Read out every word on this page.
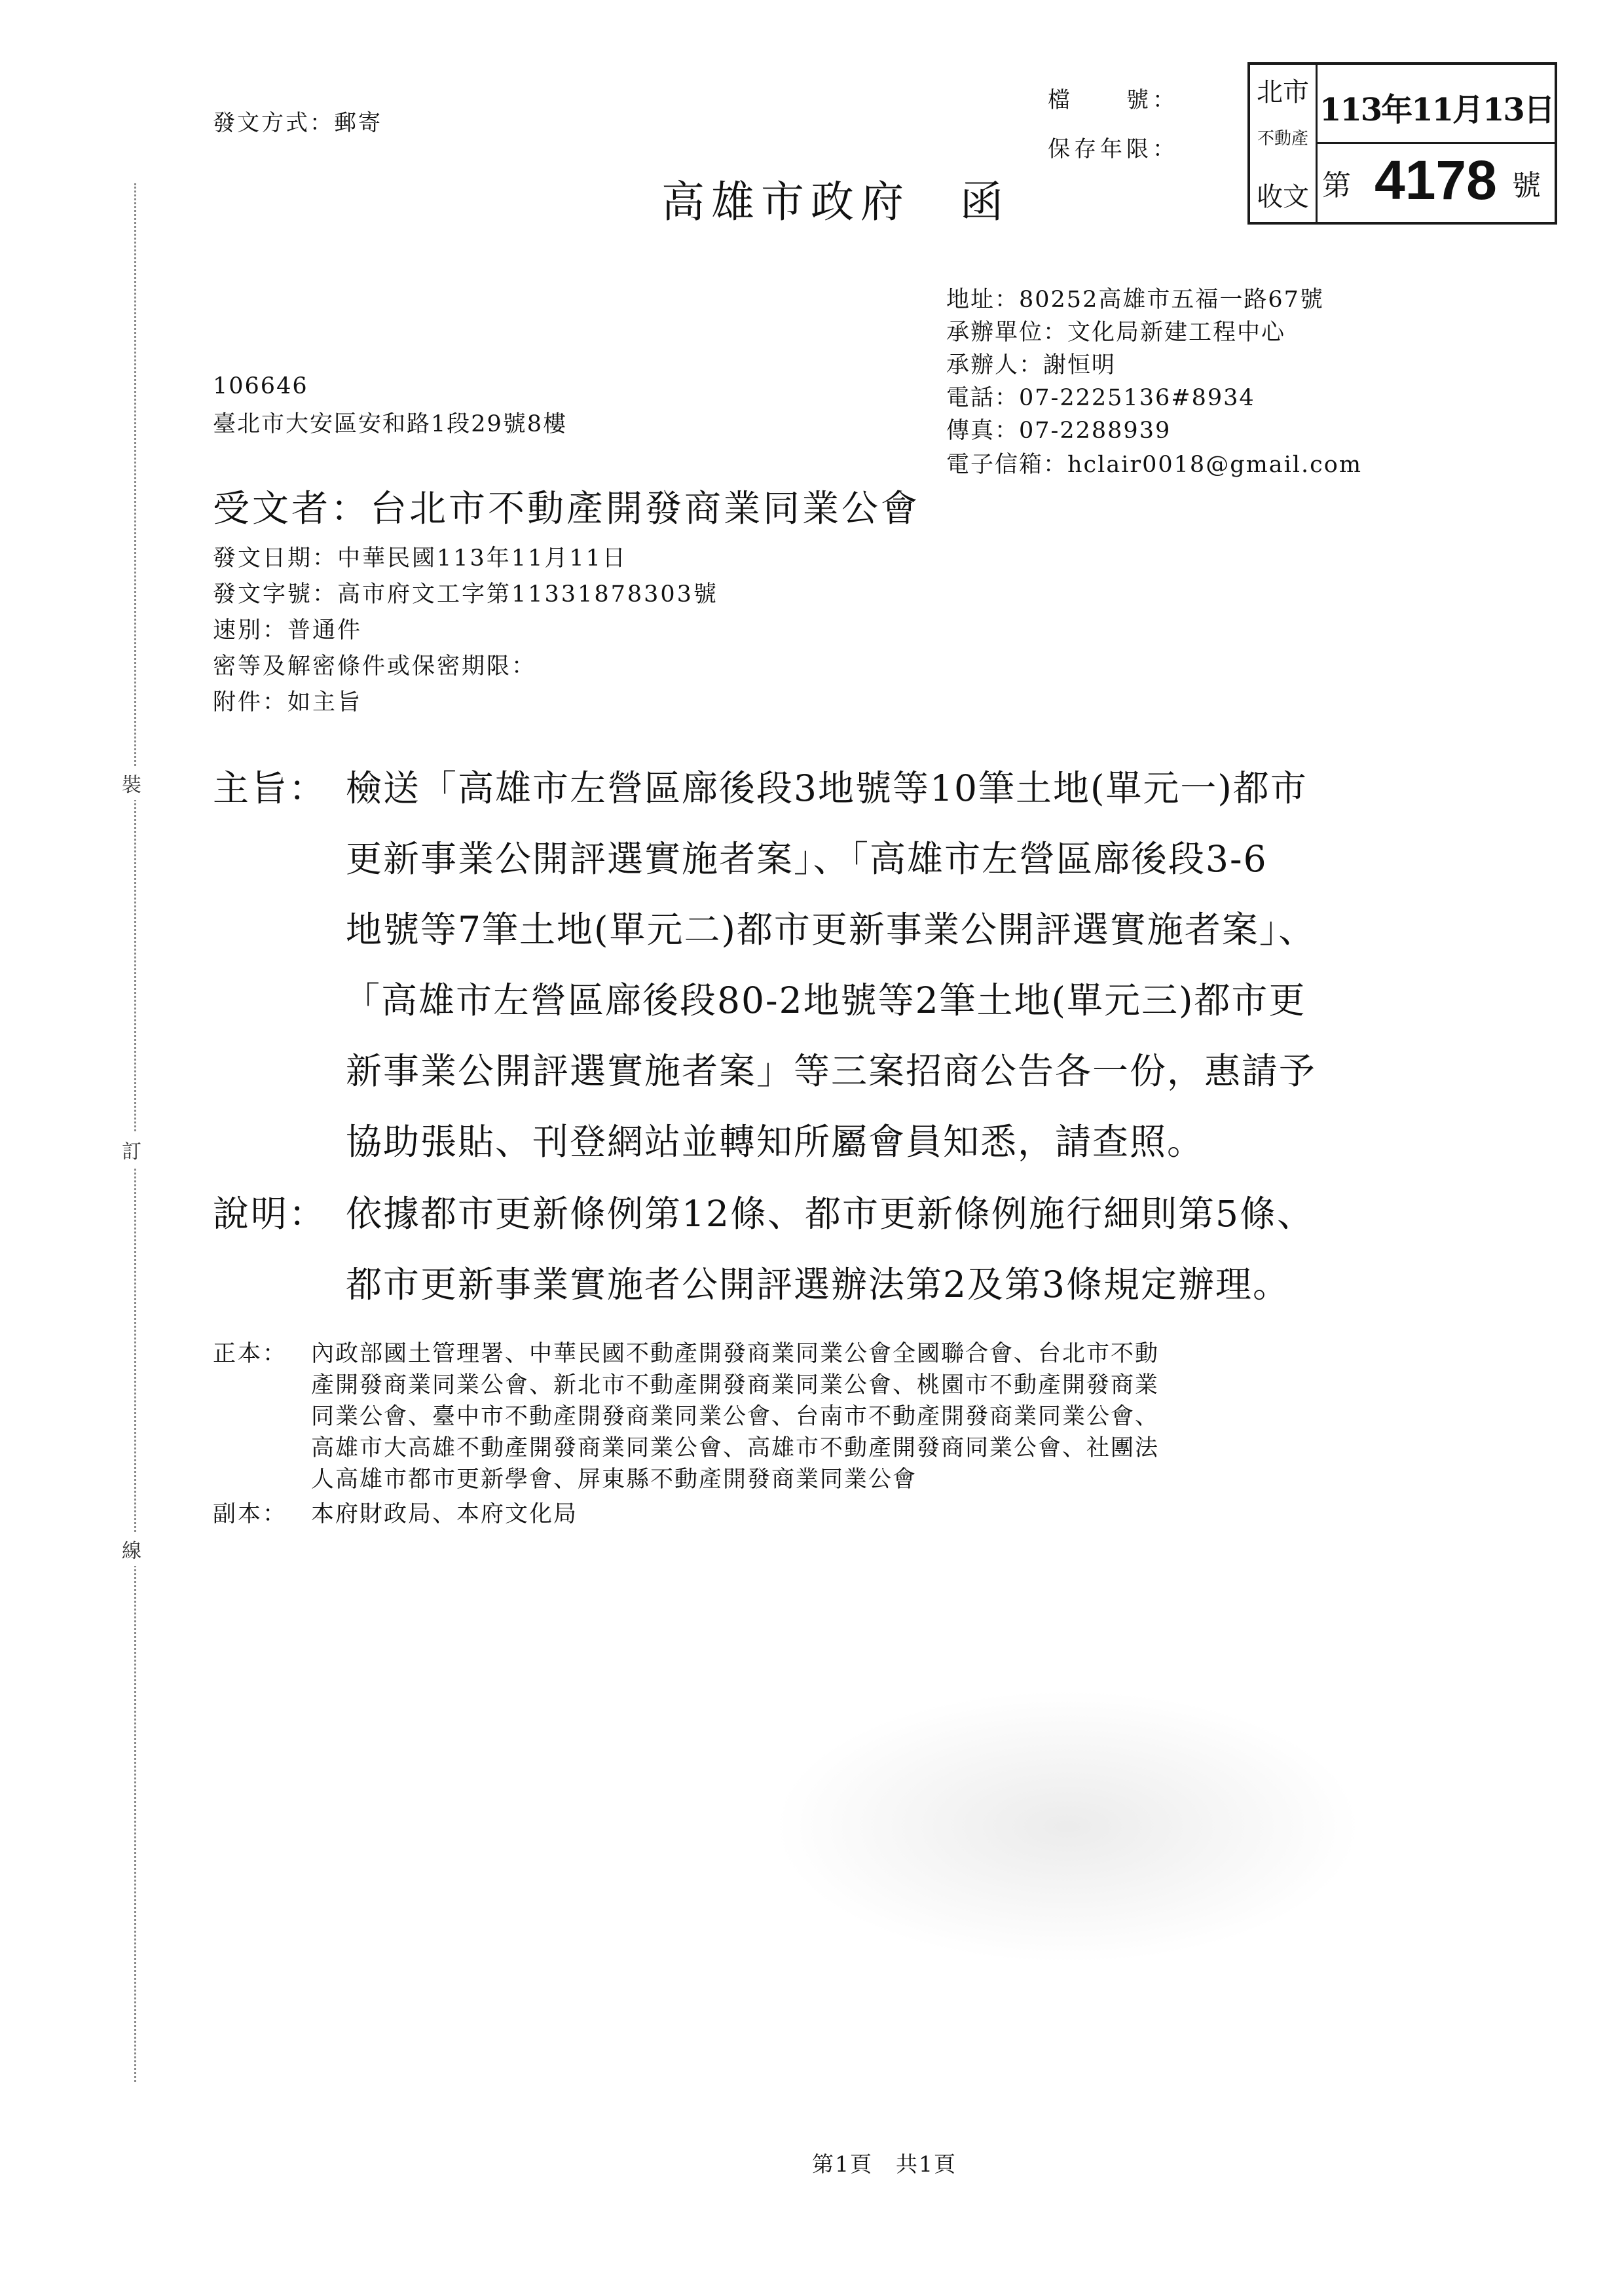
裝
訂
線
發文方式：郵寄
檔　　號：
保存年限：
北市
不動產
收文
113年11月13日
第 4178 號
高雄市政府　函
地址：80252高雄市五福一路67號
承辦單位：文化局新建工程中心
承辦人：謝恒明
電話：07-2225136#8934
傳真：07-2288939
電子信箱：hclair0018@gmail.com
106646
臺北市大安區安和路1段29號8樓
受文者：台北市不動產開發商業同業公會
發文日期：中華民國113年11月11日
發文字號：高市府文工字第11331878303號
速別：普通件
密等及解密條件或保密期限：
附件：如主旨
主旨： 檢送「高雄市左營區廍後段3地號等10筆土地(單元一)都市
更新事業公開評選實施者案」、「高雄市左營區廍後段3-6
地號等7筆土地(單元二)都市更新事業公開評選實施者案」、
「高雄市左營區廍後段80-2地號等2筆土地(單元三)都市更
新事業公開評選實施者案」等三案招商公告各一份，惠請予
協助張貼、刊登網站並轉知所屬會員知悉，請查照。
說明： 依據都市更新條例第12條、都市更新條例施行細則第5條、
都市更新事業實施者公開評選辦法第2及第3條規定辦理。
正本： 內政部國土管理署、中華民國不動產開發商業同業公會全國聯合會、台北市不動
產開發商業同業公會、新北市不動產開發商業同業公會、桃園市不動產開發商業
同業公會、臺中市不動產開發商業同業公會、台南市不動產開發商業同業公會、
高雄市大高雄不動產開發商業同業公會、高雄市不動產開發商同業公會、社團法
人高雄市都市更新學會、屏東縣不動產開發商業同業公會
副本： 本府財政局、本府文化局
第1頁　共1頁
